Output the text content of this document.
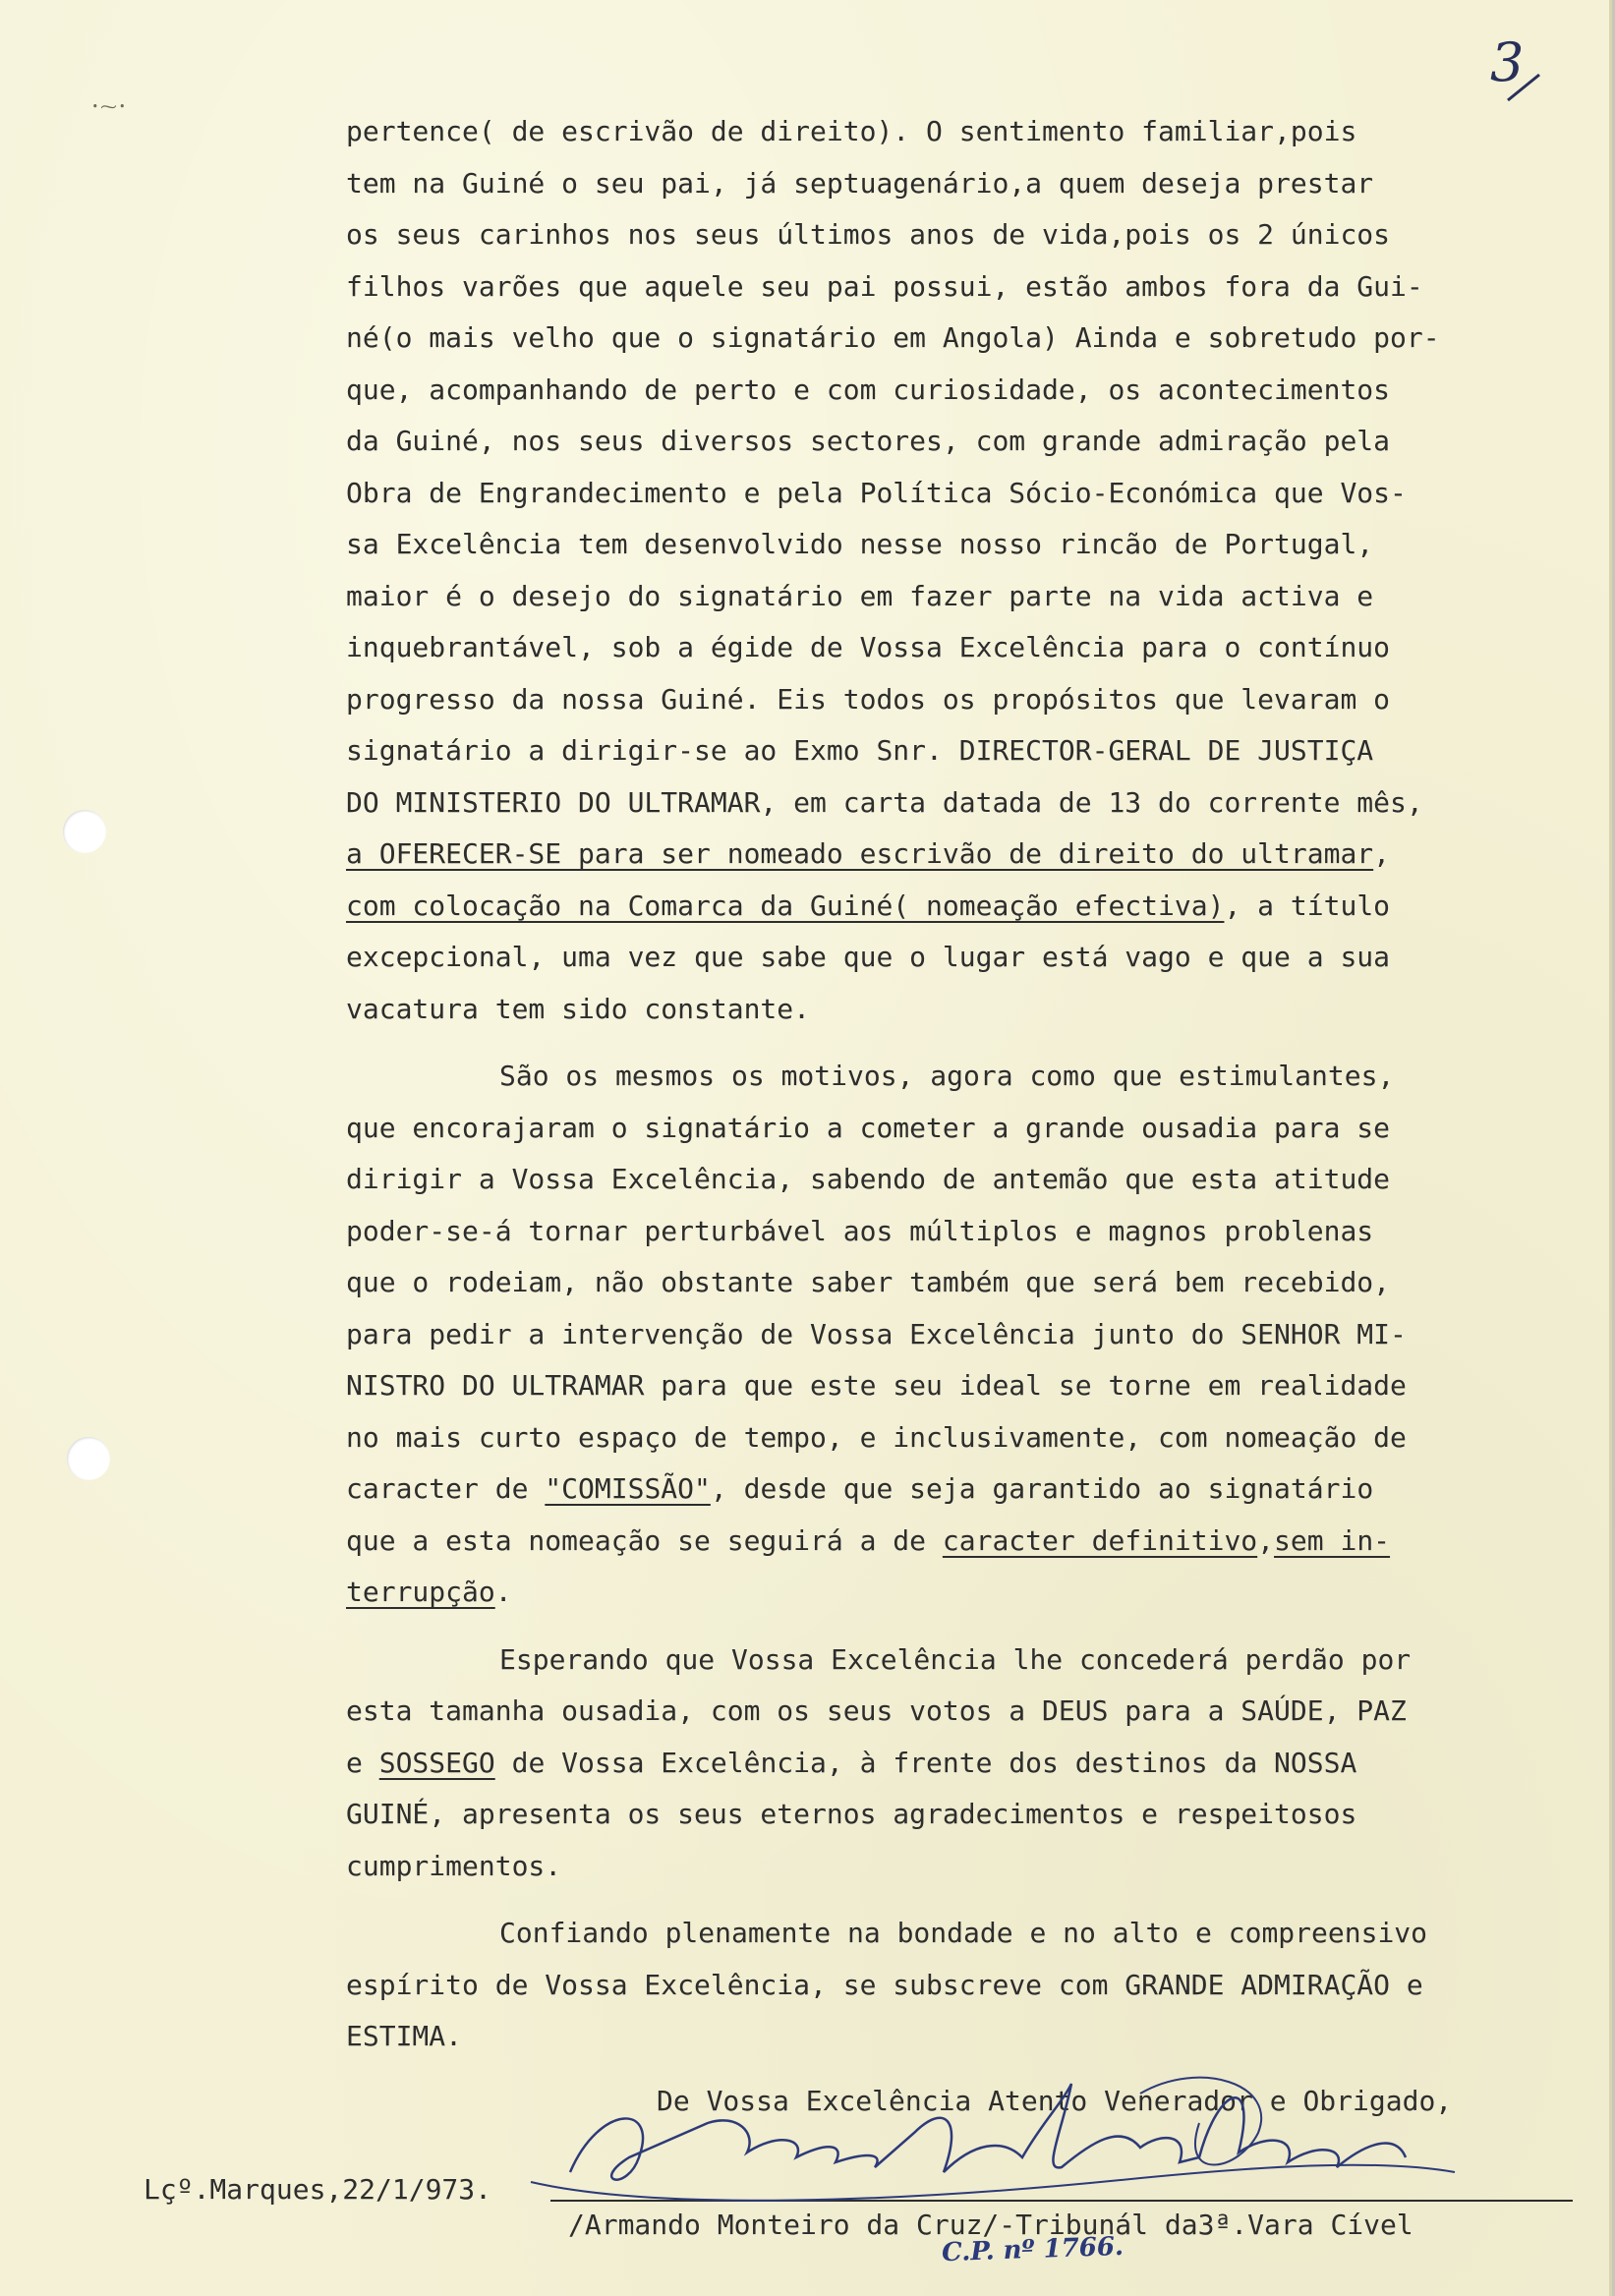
ꞏ⁓ꞏ
3
pertence( de escrivão de direito). O sentimento familiar,pois
tem na Guiné o seu pai, já septuagenário,a quem deseja prestar
os seus carinhos nos seus últimos anos de vida,pois os 2 únicos
filhos varões que aquele seu pai possui, estão ambos fora da Gui-
né(o mais velho que o signatário em Angola) Ainda e sobretudo por-
que, acompanhando de perto e com curiosidade, os acontecimentos
da Guiné, nos seus diversos sectores, com grande admiração pela
Obra de Engrandecimento e pela Política Sócio-Económica que Vos-
sa Excelência tem desenvolvido nesse nosso rincão de Portugal,
maior é o desejo do signatário em fazer parte na vida activa e
inquebrantável, sob a égide de Vossa Excelência para o contínuo
progresso da nossa Guiné. Eis todos os propósitos que levaram o
signatário a dirigir-se ao Exmo Snr. DIRECTOR-GERAL DE JUSTIÇA
DO MINISTERIO DO ULTRAMAR, em carta datada de 13 do corrente mês,
a OFERECER-SE para ser nomeado escrivão de direito do ultramar,
com colocação na Comarca da Guiné( nomeação efectiva), a título
excepcional, uma vez que sabe que o lugar está vago e que a sua
vacatura tem sido constante.
São os mesmos os motivos, agora como que estimulantes,
que encorajaram o signatário a cometer a grande ousadia para se
dirigir a Vossa Excelência, sabendo de antemão que esta atitude
poder-se-á tornar perturbável aos múltiplos e magnos problenas
que o rodeiam, não obstante saber também que será bem recebido,
para pedir a intervenção de Vossa Excelência junto do SENHOR MI-
NISTRO DO ULTRAMAR para que este seu ideal se torne em realidade
no mais curto espaço de tempo, e inclusivamente, com nomeação de
caracter de "COMISSÃO", desde que seja garantido ao signatário
que a esta nomeação se seguirá a de caracter definitivo,sem in-
terrupção.
Esperando que Vossa Excelência lhe concederá perdão por
esta tamanha ousadia, com os seus votos a DEUS para a SAÚDE, PAZ
e SOSSEGO de Vossa Excelência, à frente dos destinos da NOSSA
GUINÉ, apresenta os seus eternos agradecimentos e respeitosos
cumprimentos.
Confiando plenamente na bondade e no alto e compreensivo
espírito de Vossa Excelência, se subscreve com GRANDE ADMIRAÇÃO e
ESTIMA.
De Vossa Excelência Atento Venerador e Obrigado,
Lçº.Marques,22/1/973.
/Armando Monteiro da Cruz/-Tribunál da3ª.Vara Cível
C.P. nº 1766.
